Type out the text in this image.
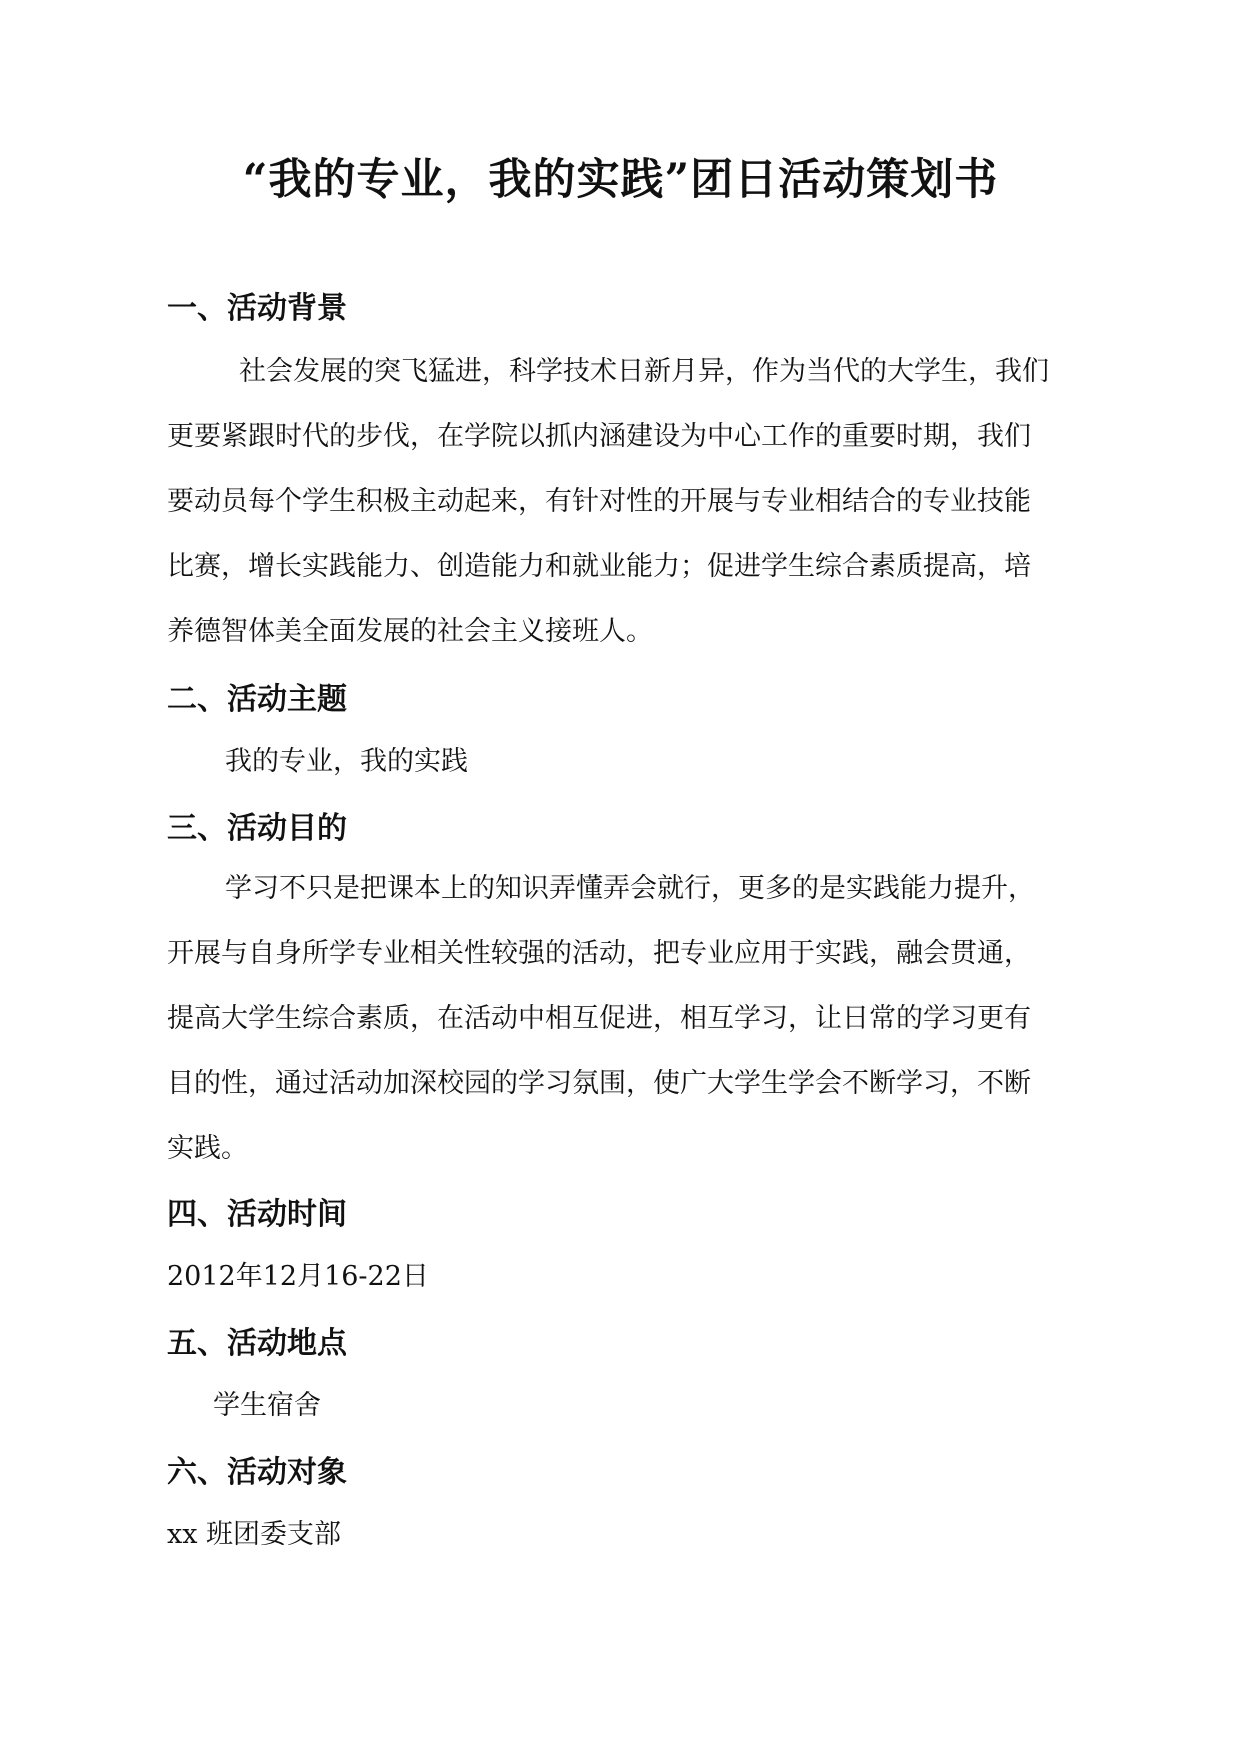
“我的专业，我的实践”团日活动策划书
一、活动背景
社会发展的突飞猛进，科学技术日新月异，作为当代的大学生，我们
更要紧跟时代的步伐，在学院以抓内涵建设为中心工作的重要时期，我们
要动员每个学生积极主动起来，有针对性的开展与专业相结合的专业技能
比赛，增长实践能力、创造能力和就业能力；促进学生综合素质提高，培
养德智体美全面发展的社会主义接班人。
二、活动主题
我的专业，我的实践
三、活动目的
学习不只是把课本上的知识弄懂弄会就行，更多的是实践能力提升，
开展与自身所学专业相关性较强的活动，把专业应用于实践，融会贯通，
提高大学生综合素质，在活动中相互促进，相互学习，让日常的学习更有
目的性，通过活动加深校园的学习氛围，使广大学生学会不断学习，不断
实践。
四、活动时间
2012年12月16-22日
五、活动地点
学生宿舍
六、活动对象
xx 班团委支部
